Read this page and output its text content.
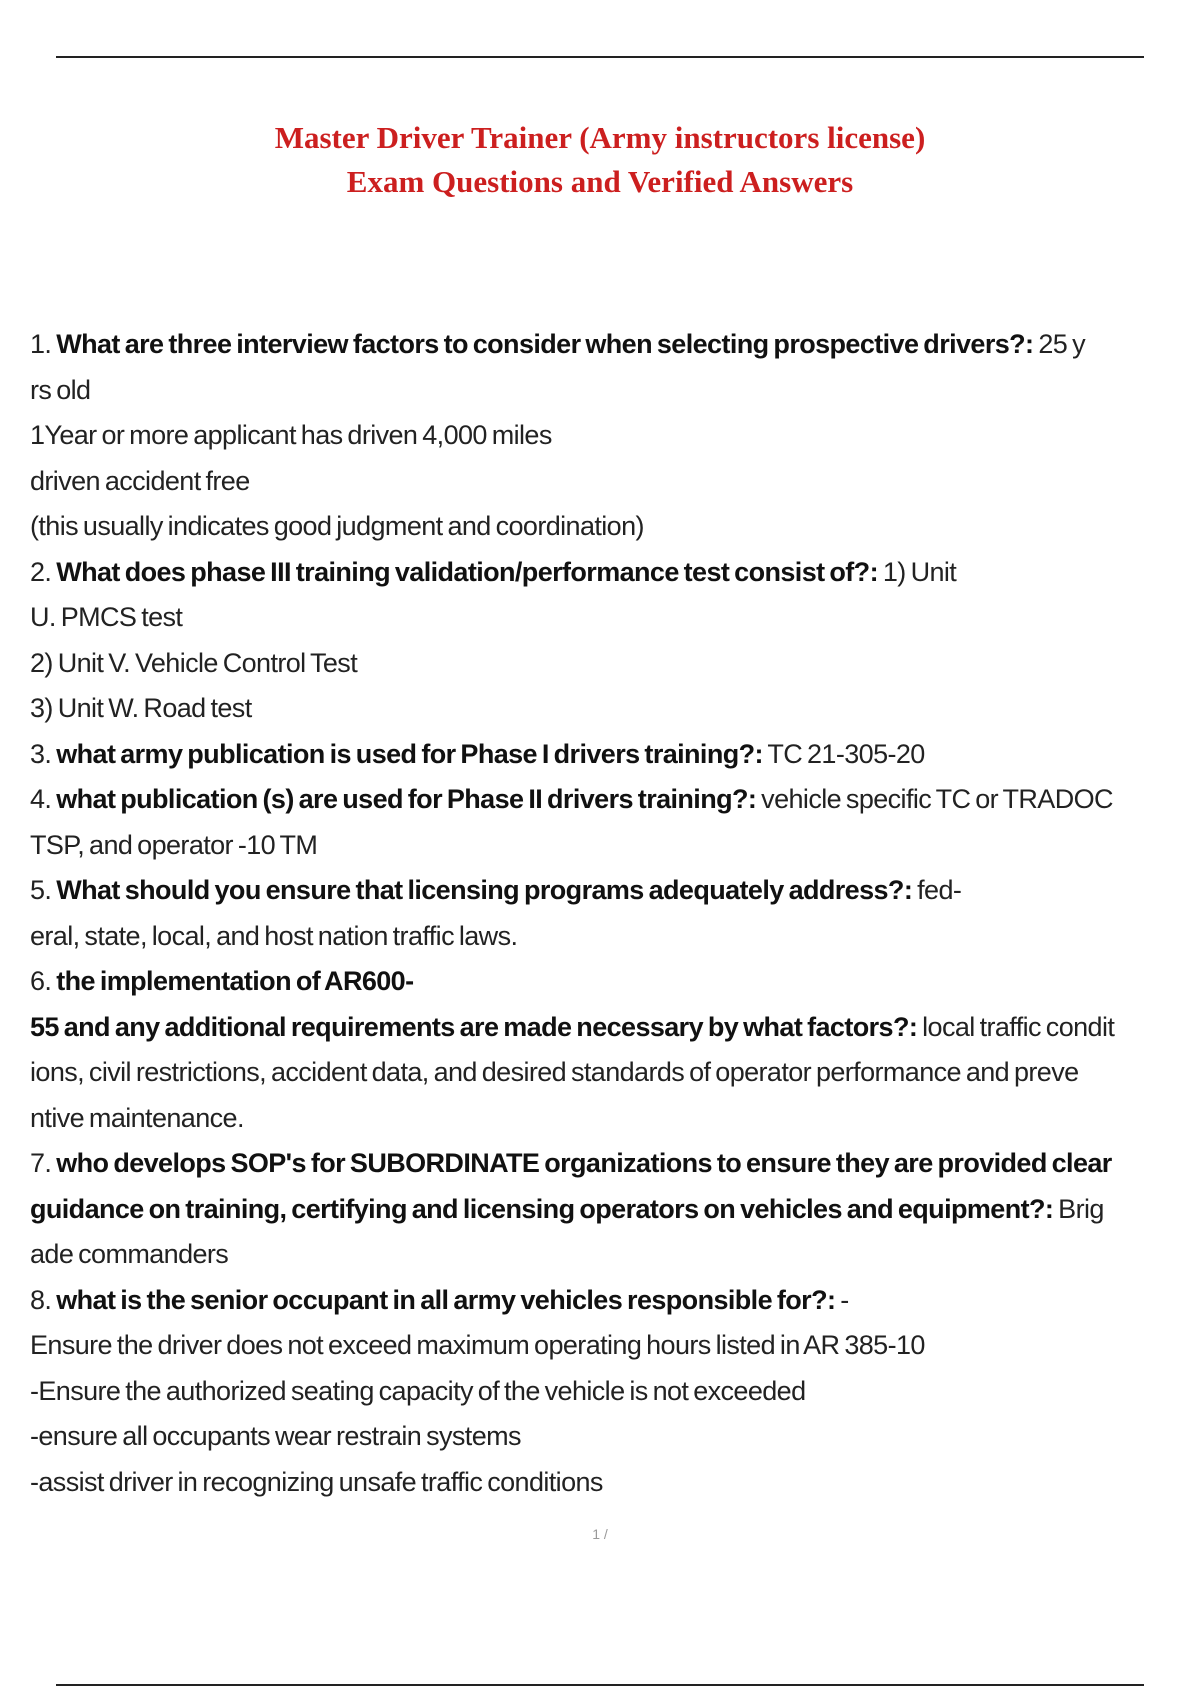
Master Driver Trainer (Army instructors license)
Exam Questions and Verified Answers
1. What are three interview factors to consider when selecting prospective drivers?: 25 y
rs old
1Year or more applicant has driven 4,000 miles
driven accident free
(this usually indicates good judgment and coordination)
2. What does phase III training validation/performance test consist of?: 1) Unit
U. PMCS test
2) Unit V. Vehicle Control Test
3) Unit W. Road test
3. what army publication is used for Phase I drivers training?: TC 21-305-20
4. what publication (s) are used for Phase II drivers training?: vehicle specific TC or TRADOC
TSP, and operator -10 TM
5. What should you ensure that licensing programs adequately address?: fed-
eral, state, local, and host nation traffic laws.
6. the implementation of AR600-
55 and any additional requirements are made necessary by what factors?: local traffic condit
ions, civil restrictions, accident data, and desired standards of operator performance and preve
ntive maintenance.
7. who develops SOP's for SUBORDINATE organizations to ensure they are provided clear
guidance on training, certifying and licensing operators on vehicles and equipment?: Brig
ade commanders
8. what is the senior occupant in all army vehicles responsible for?: -
Ensure the driver does not exceed maximum operating hours listed in AR 385-10
-Ensure the authorized seating capacity of the vehicle is not exceeded
-ensure all occupants wear restrain systems
-assist driver in recognizing unsafe traffic conditions
1 /
